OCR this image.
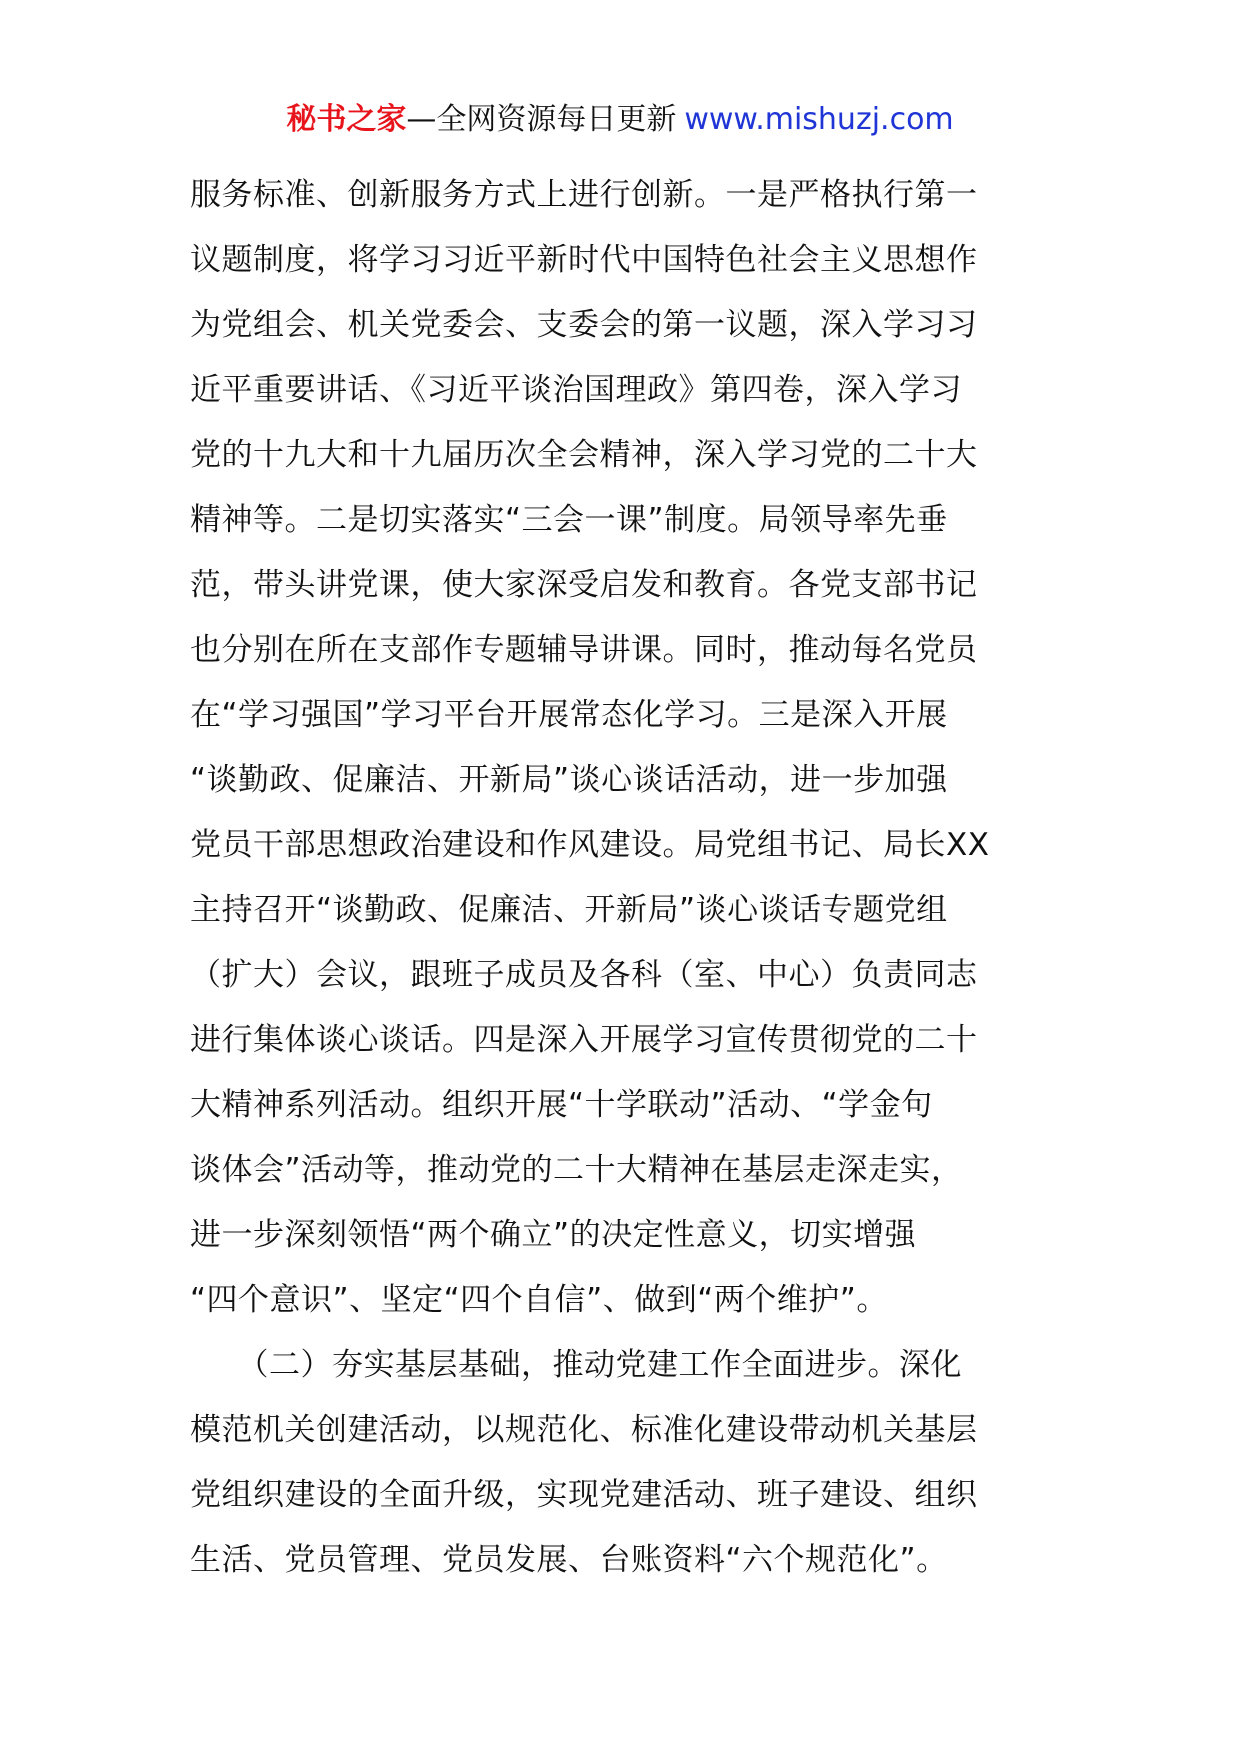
秘书之家—全网资源每日更新 www.mishuzj.com
服务标准、创新服务方式上进行创新。一是严格执行第一
议题制度，将学习习近平新时代中国特色社会主义思想作
为党组会、机关党委会、支委会的第一议题，深入学习习
近平重要讲话、《习近平谈治国理政》第四卷，深入学习
党的十九大和十九届历次全会精神，深入学习党的二十大
精神等。二是切实落实“三会一课”制度。局领导率先垂
范，带头讲党课，使大家深受启发和教育。各党支部书记
也分别在所在支部作专题辅导讲课。同时，推动每名党员
在“学习强国”学习平台开展常态化学习。三是深入开展
“谈勤政、促廉洁、开新局”谈心谈话活动，进一步加强
党员干部思想政治建设和作风建设。局党组书记、局长XX
主持召开“谈勤政、促廉洁、开新局”谈心谈话专题党组
（扩大）会议，跟班子成员及各科（室、中心）负责同志
进行集体谈心谈话。四是深入开展学习宣传贯彻党的二十
大精神系列活动。组织开展“十学联动”活动、“学金句
谈体会”活动等，推动党的二十大精神在基层走深走实，
进一步深刻领悟“两个确立”的决定性意义，切实增强
“四个意识”、坚定“四个自信”、做到“两个维护”。
　　（二）夯实基层基础，推动党建工作全面进步。深化
模范机关创建活动，以规范化、标准化建设带动机关基层
党组织建设的全面升级，实现党建活动、班子建设、组织
生活、党员管理、党员发展、台账资料“六个规范化”。
